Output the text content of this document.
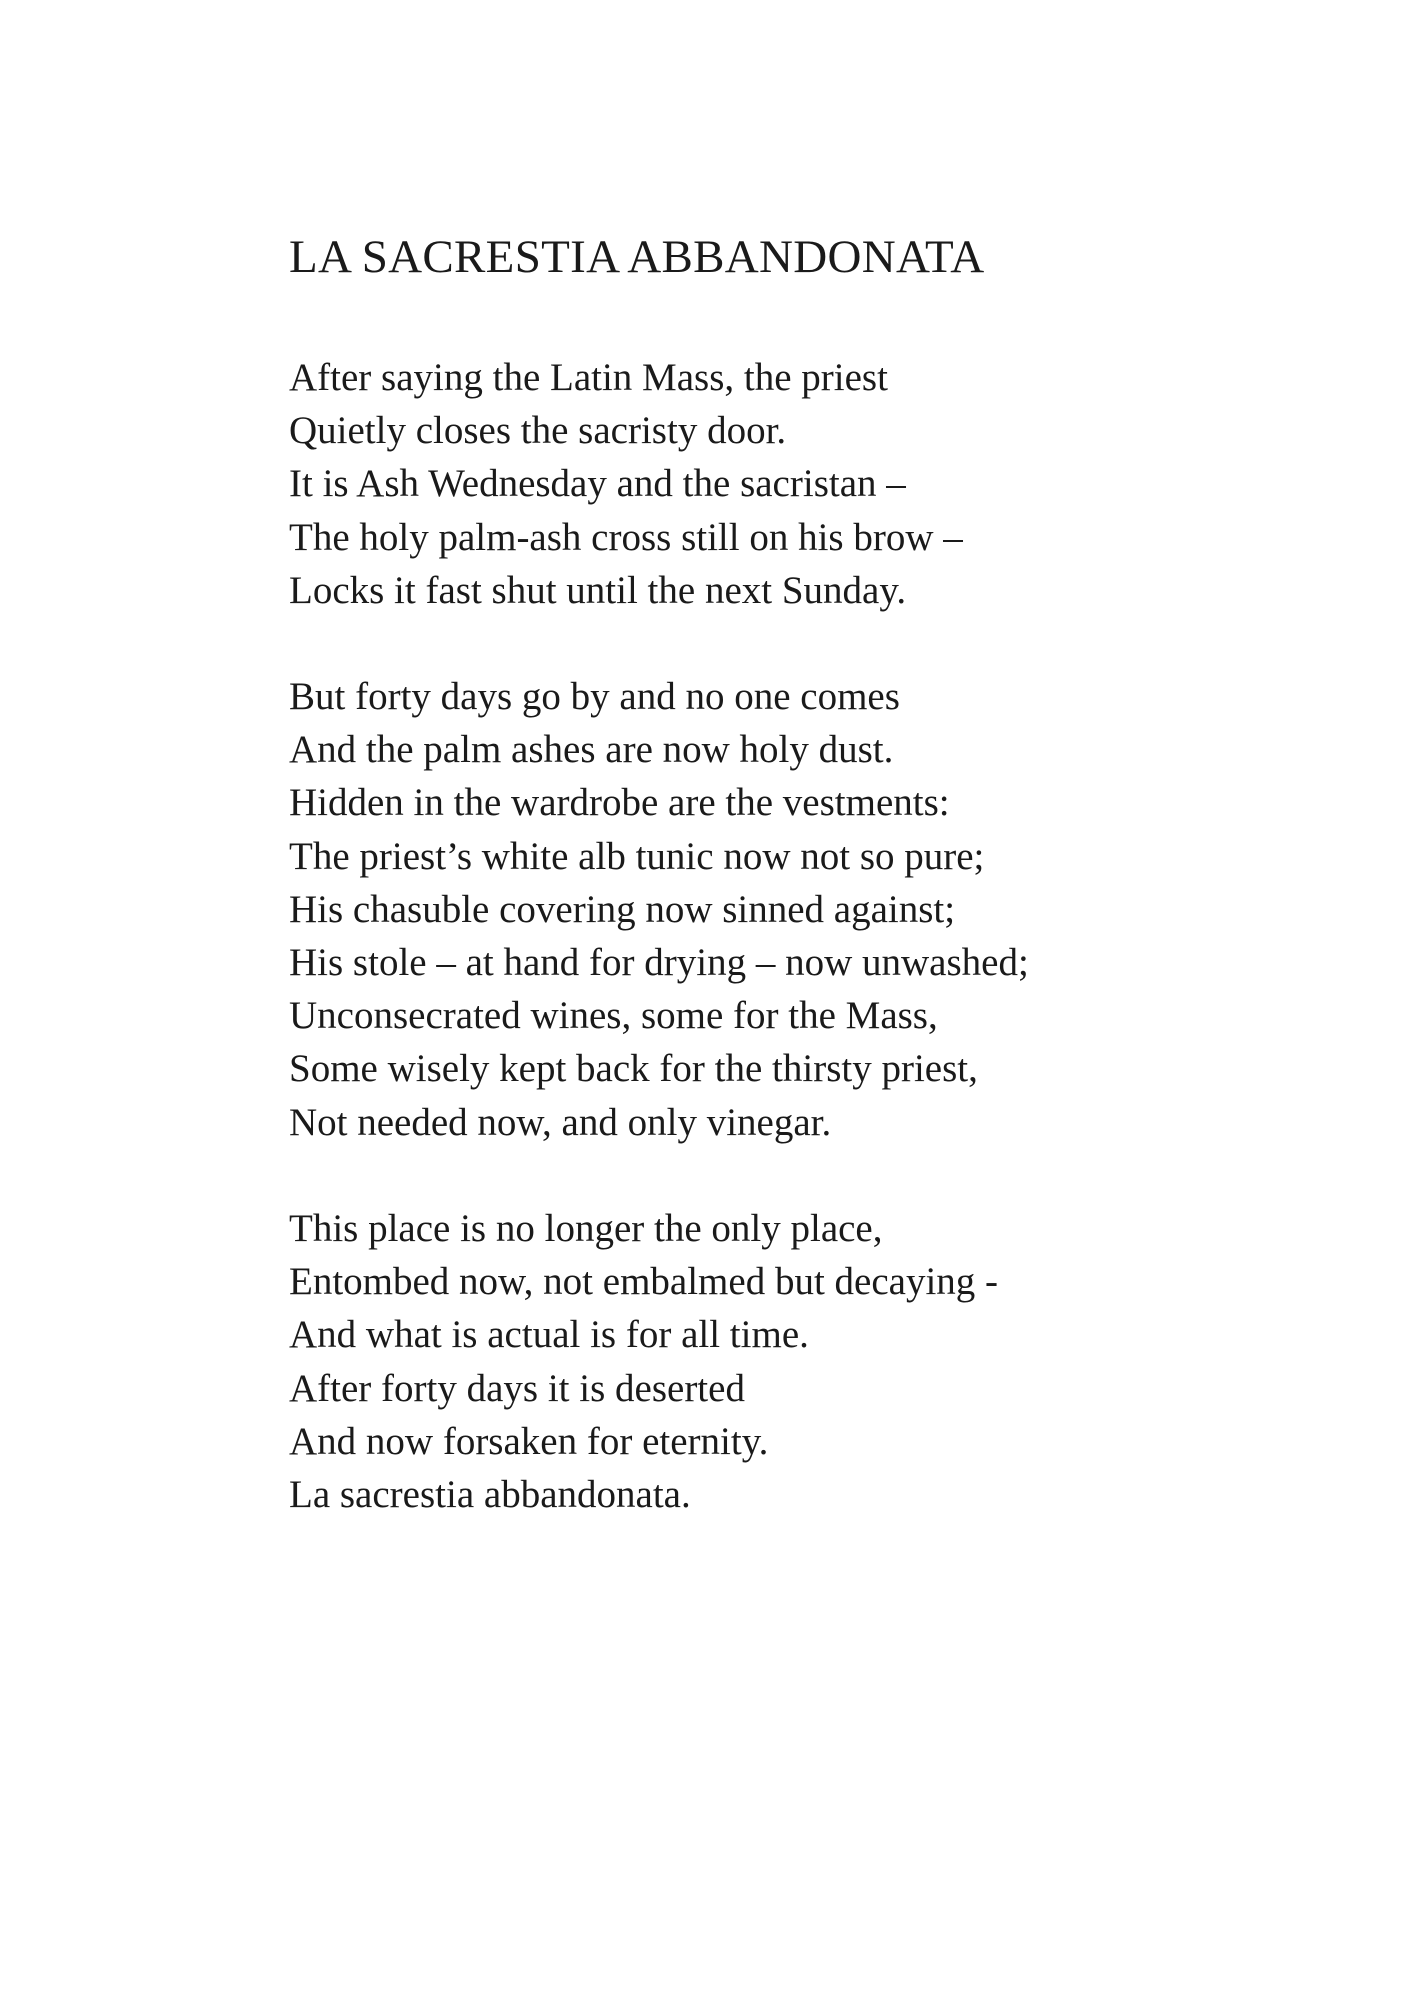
LA SACRESTIA ABBANDONATA
After saying the Latin Mass, the priest
Quietly closes the sacristy door.
It is Ash Wednesday and the sacristan –
The holy palm-ash cross still on his brow –
Locks it fast shut until the next Sunday.
But forty days go by and no one comes
And the palm ashes are now holy dust.
Hidden in the wardrobe are the vestments:
The priest’s white alb tunic now not so pure;
His chasuble covering now sinned against;
His stole – at hand for drying – now unwashed;
Unconsecrated wines, some for the Mass,
Some wisely kept back for the thirsty priest,
Not needed now, and only vinegar.
This place is no longer the only place,
Entombed now, not embalmed but decaying -
And what is actual is for all time.
After forty days it is deserted
And now forsaken for eternity.
La sacrestia abbandonata.
